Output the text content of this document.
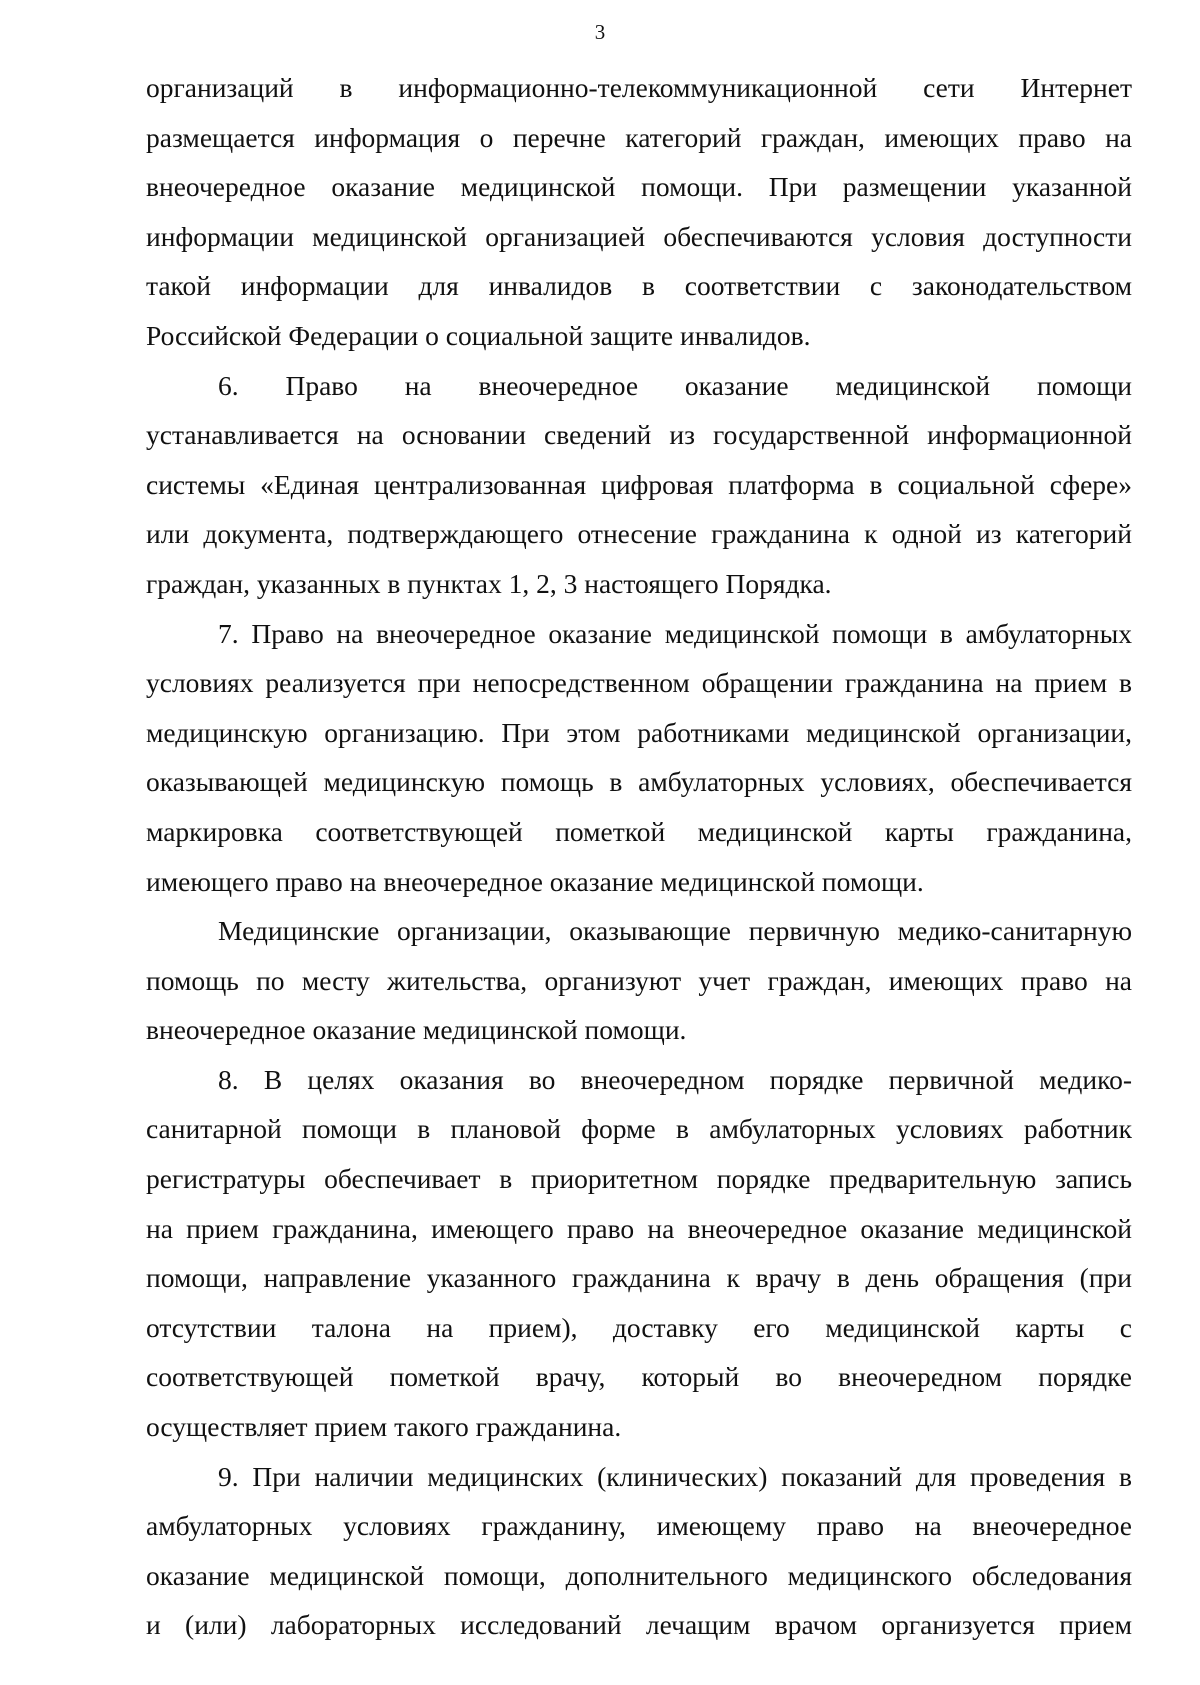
3
организаций в информационно-телекоммуникационной сети Интернет
размещается информация о перечне категорий граждан, имеющих право на
внеочередное оказание медицинской помощи. При размещении указанной
информации медицинской организацией обеспечиваются условия доступности
такой информации для инвалидов в соответствии с законодательством
Российской Федерации о социальной защите инвалидов.
6. Право на внеочередное оказание медицинской помощи
устанавливается на основании сведений из государственной информационной
системы «Единая централизованная цифровая платформа в социальной сфере»
или документа, подтверждающего отнесение гражданина к одной из категорий
граждан, указанных в пунктах 1, 2, 3 настоящего Порядка.
7. Право на внеочередное оказание медицинской помощи в амбулаторных
условиях реализуется при непосредственном обращении гражданина на прием в
медицинскую организацию. При этом работниками медицинской организации,
оказывающей медицинскую помощь в амбулаторных условиях, обеспечивается
маркировка соответствующей пометкой медицинской карты гражданина,
имеющего право на внеочередное оказание медицинской помощи.
Медицинские организации, оказывающие первичную медико-санитарную
помощь по месту жительства, организуют учет граждан, имеющих право на
внеочередное оказание медицинской помощи.
8. В целях оказания во внеочередном порядке первичной медико-
санитарной помощи в плановой форме в амбулаторных условиях работник
регистратуры обеспечивает в приоритетном порядке предварительную запись
на прием гражданина, имеющего право на внеочередное оказание медицинской
помощи, направление указанного гражданина к врачу в день обращения (при
отсутствии талона на прием), доставку его медицинской карты с
соответствующей пометкой врачу, который во внеочередном порядке
осуществляет прием такого гражданина.
9. При наличии медицинских (клинических) показаний для проведения в
амбулаторных условиях гражданину, имеющему право на внеочередное
оказание медицинской помощи, дополнительного медицинского обследования
и (или) лабораторных исследований лечащим врачом организуется прием
